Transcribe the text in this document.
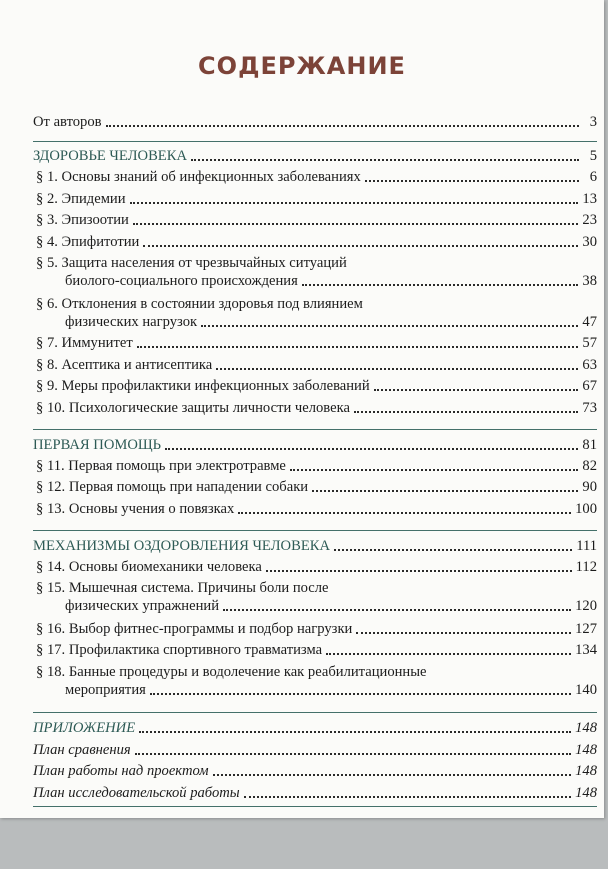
СОДЕРЖАНИЕ
От авторов	3
ЗДОРОВЬЕ ЧЕЛОВЕКА	5
§ 1. Основы знаний об инфекционных заболеваниях	6
§ 2. Эпидемии	13
§ 3. Эпизоотии	23
§ 4. Эпифитотии	30
§ 5. Защита населения от чрезвычайных ситуаций
биолого-социального происхождения	38
§ 6. Отклонения в состоянии здоровья под влиянием
физических нагрузок	47
§ 7. Иммунитет	57
§ 8. Асептика и антисептика	63
§ 9. Меры профилактики инфекционных заболеваний	67
§ 10. Психологические защиты личности человека	73
ПЕРВАЯ ПОМОЩЬ	81
§ 11. Первая помощь при электротравме	82
§ 12. Первая помощь при нападении собаки	90
§ 13. Основы учения о повязках	100
МЕХАНИЗМЫ ОЗДОРОВЛЕНИЯ ЧЕЛОВЕКА	111
§ 14. Основы биомеханики человека	112
§ 15. Мышечная система. Причины боли после
физических упражнений	120
§ 16. Выбор фитнес-программы и подбор нагрузки	127
§ 17. Профилактика спортивного травматизма	134
§ 18. Банные процедуры и водолечение как реабилитационные
мероприятия	140
ПРИЛОЖЕНИЕ	148
План сравнения	148
План работы над проектом	148
План исследовательской работы	148
